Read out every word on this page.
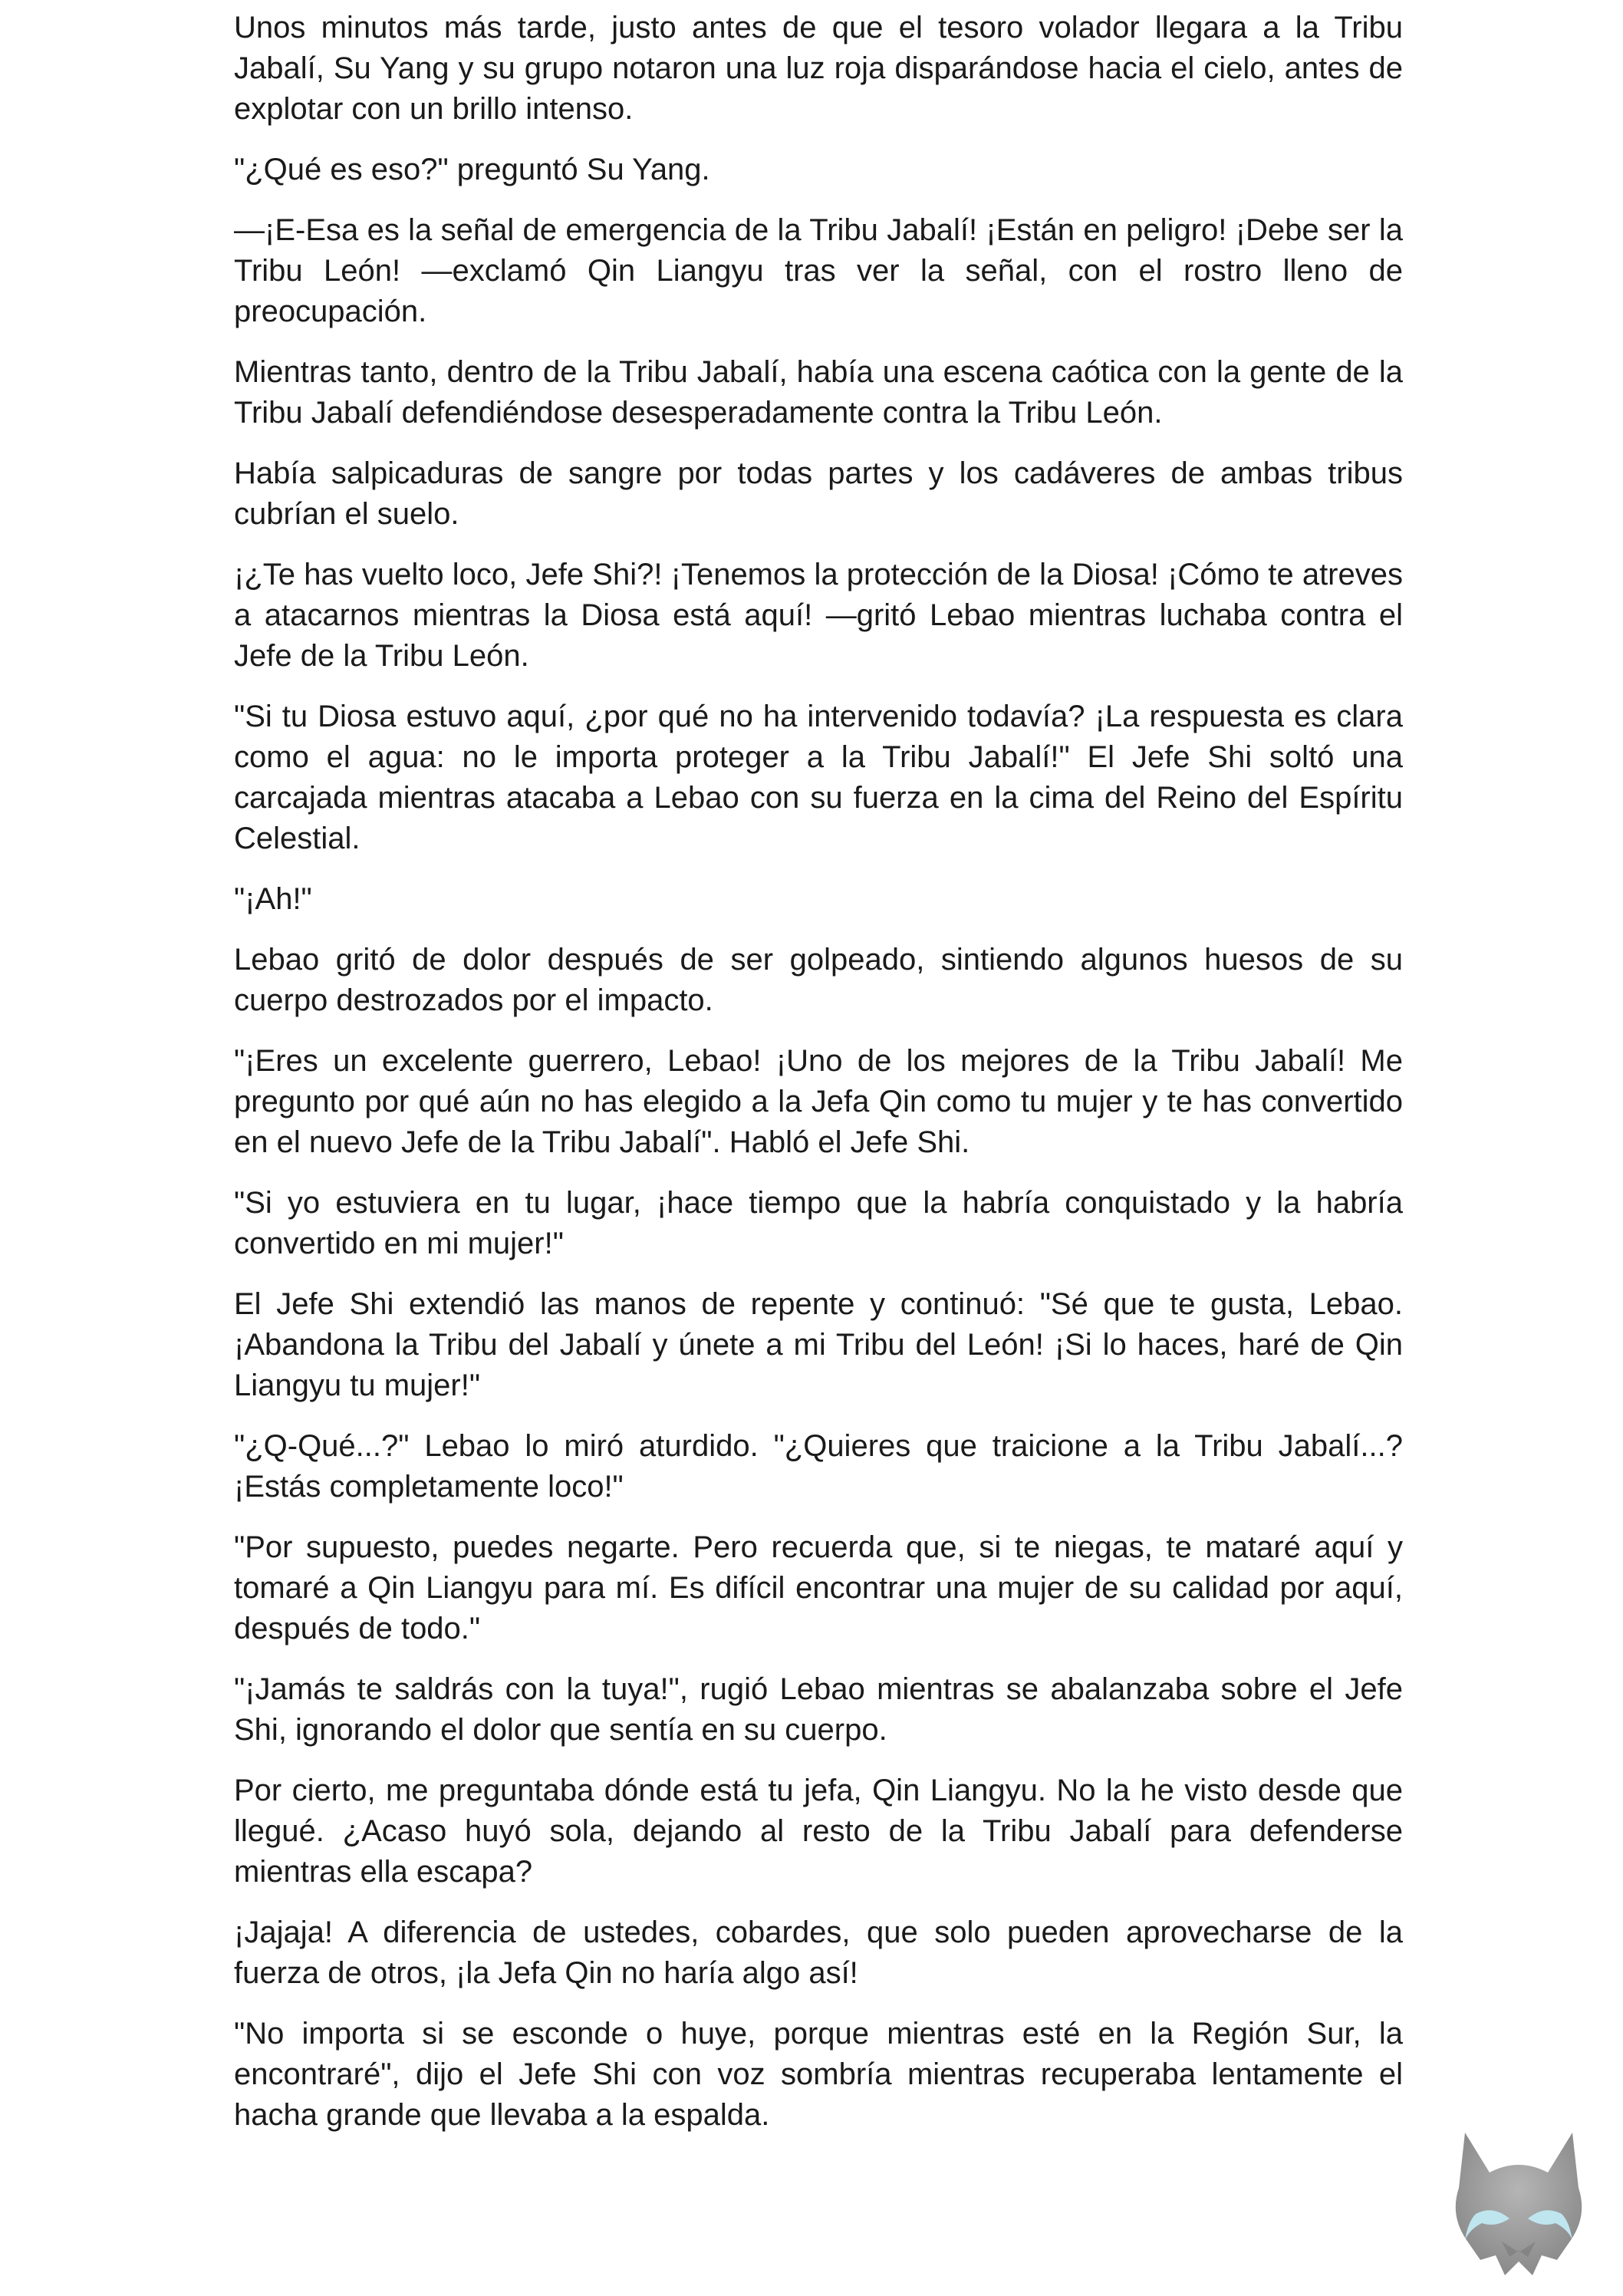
Unos minutos más tarde, justo antes de que el tesoro volador llegara a la Tribu Jabalí, Su Yang y su grupo notaron una luz roja disparándose hacia el cielo, antes de explotar con un brillo intenso.

"¿Qué es eso?" preguntó Su Yang.

—¡E-Esa es la señal de emergencia de la Tribu Jabalí! ¡Están en peligro! ¡Debe ser la Tribu León! —exclamó Qin Liangyu tras ver la señal, con el rostro lleno de preocupación.

Mientras tanto, dentro de la Tribu Jabalí, había una escena caótica con la gente de la Tribu Jabalí defendiéndose desesperadamente contra la Tribu León.

Había salpicaduras de sangre por todas partes y los cadáveres de ambas tribus cubrían el suelo.

¡¿Te has vuelto loco, Jefe Shi?! ¡Tenemos la protección de la Diosa! ¡Cómo te atreves a atacarnos mientras la Diosa está aquí! —gritó Lebao mientras luchaba contra el Jefe de la Tribu León.

"Si tu Diosa estuvo aquí, ¿por qué no ha intervenido todavía? ¡La respuesta es clara como el agua: no le importa proteger a la Tribu Jabalí!" El Jefe Shi soltó una carcajada mientras atacaba a Lebao con su fuerza en la cima del Reino del Espíritu Celestial.

"¡Ah!"

Lebao gritó de dolor después de ser golpeado, sintiendo algunos huesos de su cuerpo destrozados por el impacto.

"¡Eres un excelente guerrero, Lebao! ¡Uno de los mejores de la Tribu Jabalí! Me pregunto por qué aún no has elegido a la Jefa Qin como tu mujer y te has convertido en el nuevo Jefe de la Tribu Jabalí". Habló el Jefe Shi.

"Si yo estuviera en tu lugar, ¡hace tiempo que la habría conquistado y la habría convertido en mi mujer!"

El Jefe Shi extendió las manos de repente y continuó: "Sé que te gusta, Lebao. ¡Abandona la Tribu del Jabalí y únete a mi Tribu del León! ¡Si lo haces, haré de Qin Liangyu tu mujer!"

"¿Q-Qué...?" Lebao lo miró aturdido. "¿Quieres que traicione a la Tribu Jabalí...? ¡Estás completamente loco!"

"Por supuesto, puedes negarte. Pero recuerda que, si te niegas, te mataré aquí y tomaré a Qin Liangyu para mí. Es difícil encontrar una mujer de su calidad por aquí, después de todo."

"¡Jamás te saldrás con la tuya!", rugió Lebao mientras se abalanzaba sobre el Jefe Shi, ignorando el dolor que sentía en su cuerpo.

Por cierto, me preguntaba dónde está tu jefa, Qin Liangyu. No la he visto desde que llegué. ¿Acaso huyó sola, dejando al resto de la Tribu Jabalí para defenderse mientras ella escapa?

¡Jajaja! A diferencia de ustedes, cobardes, que solo pueden aprovecharse de la fuerza de otros, ¡la Jefa Qin no haría algo así!

"No importa si se esconde o huye, porque mientras esté en la Región Sur, la encontraré", dijo el Jefe Shi con voz sombría mientras recuperaba lentamente el hacha grande que llevaba a la espalda.
